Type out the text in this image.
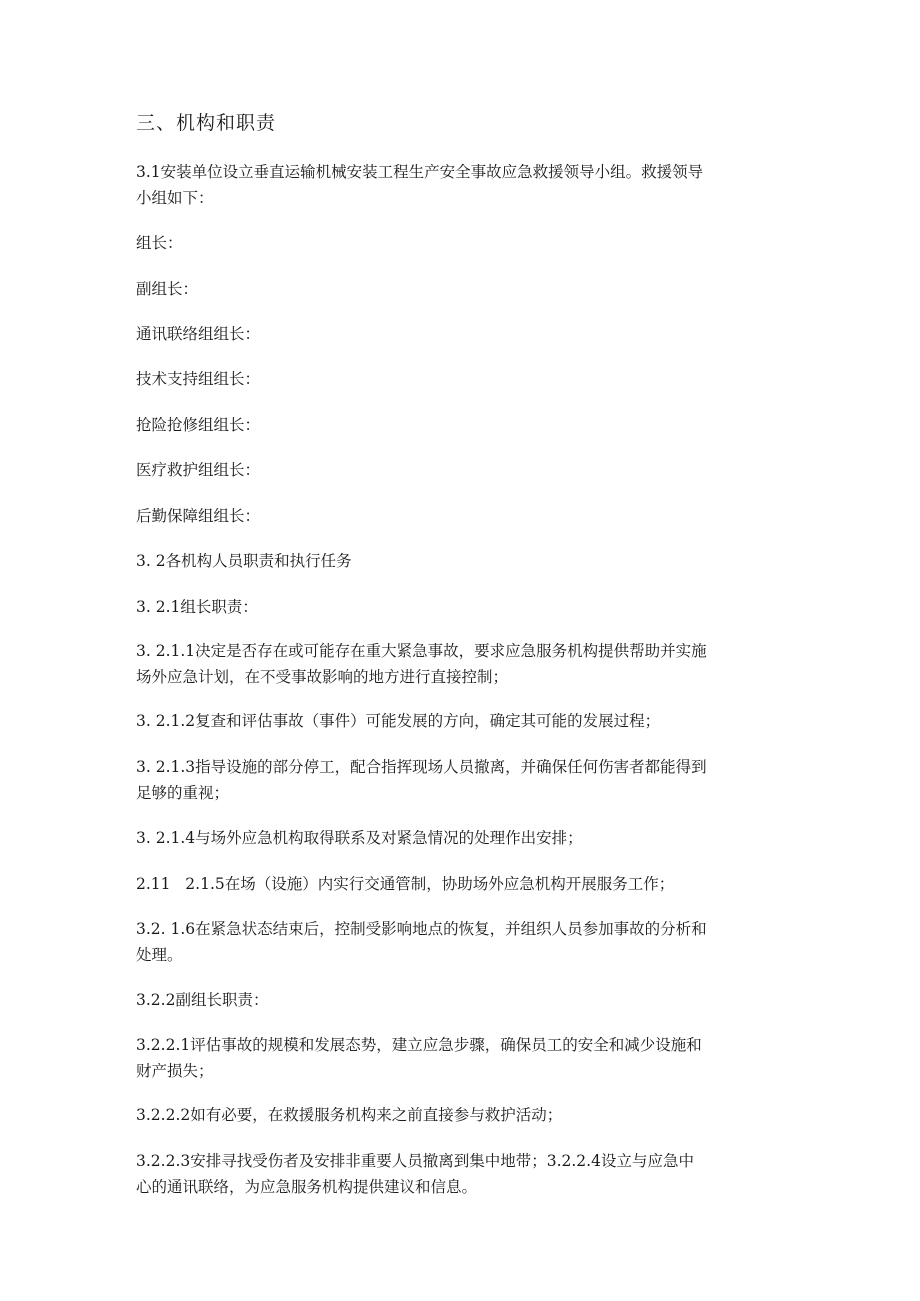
三、机构和职责
3.1安装单位设立垂直运输机械安装工程生产安全事故应急救援领导小组。救援领导
小组如下：
组长：
副组长：
通讯联络组组长：
技术支持组组长：
抢险抢修组组长：
医疗救护组组长：
后勤保障组组长：
3. 2各机构人员职责和执行任务
3. 2.1组长职责：
3. 2.1.1决定是否存在或可能存在重大紧急事故，要求应急服务机构提供帮助并实施
场外应急计划，在不受事故影响的地方进行直接控制；
3. 2.1.2复查和评估事故（事件）可能发展的方向，确定其可能的发展过程；
3. 2.1.3指导设施的部分停工，配合指挥现场人员撤离，并确保任何伤害者都能得到
足够的重视；
3. 2.1.4与场外应急机构取得联系及对紧急情况的处理作出安排；
2.11   2.1.5在场（设施）内实行交通管制，协助场外应急机构开展服务工作；
3.2. 1.6在紧急状态结束后，控制受影响地点的恢复，并组织人员参加事故的分析和
处理。
3.2.2副组长职责：
3.2.2.1评估事故的规模和发展态势，建立应急步骤，确保员工的安全和减少设施和
财产损失；
3.2.2.2如有必要，在救援服务机构来之前直接参与救护活动；
3.2.2.3安排寻找受伤者及安排非重要人员撤离到集中地带；3.2.2.4设立与应急中
心的通讯联络，为应急服务机构提供建议和信息。
